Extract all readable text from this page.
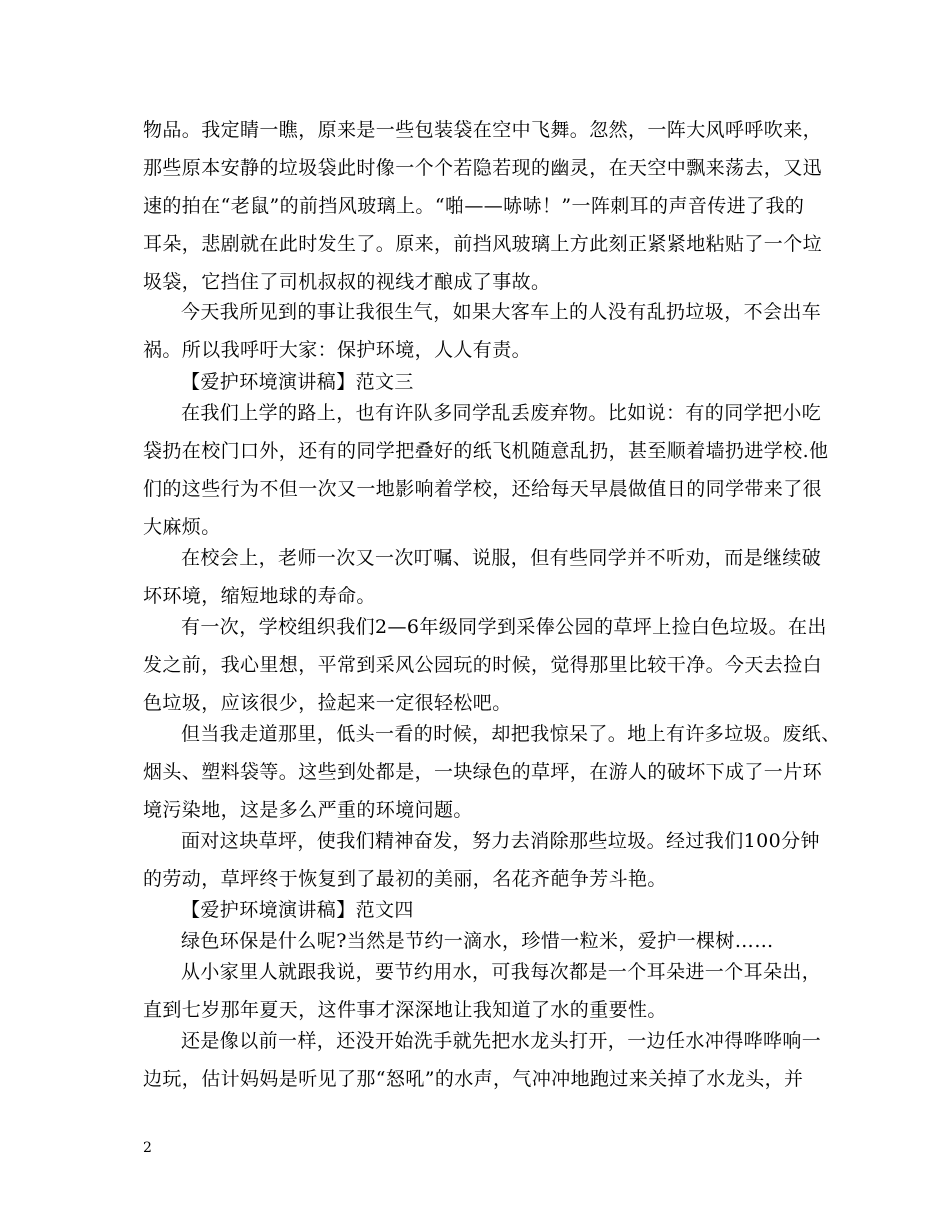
物品。我定睛一瞧，原来是一些包装袋在空中飞舞。忽然，一阵大风呼呼吹来，
那些原本安静的垃圾袋此时像一个个若隐若现的幽灵，在天空中飘来荡去，又迅
速的拍在“老鼠”的前挡风玻璃上。“啪——哧哧！”一阵刺耳的声音传进了我的
耳朵，悲剧就在此时发生了。原来，前挡风玻璃上方此刻正紧紧地粘贴了一个垃
圾袋，它挡住了司机叔叔的视线才酿成了事故。
今天我所见到的事让我很生气，如果大客车上的人没有乱扔垃圾，不会出车
祸。所以我呼吁大家：保护环境，人人有责。
【爱护环境演讲稿】范文三
在我们上学的路上，也有许队多同学乱丢废弃物。比如说：有的同学把小吃
袋扔在校门口外，还有的同学把叠好的纸飞机随意乱扔，甚至顺着墙扔进学校.他
们的这些行为不但一次又一地影响着学校，还给每天早晨做值日的同学带来了很
大麻烦。
在校会上，老师一次又一次叮嘱、说服，但有些同学并不听劝，而是继续破
坏环境，缩短地球的寿命。
有一次，学校组织我们2—6年级同学到采俸公园的草坪上捡白色垃圾。在出
发之前，我心里想，平常到采风公园玩的时候，觉得那里比较干净。今天去捡白
色垃圾，应该很少，捡起来一定很轻松吧。
但当我走道那里，低头一看的时候，却把我惊呆了。地上有许多垃圾。废纸、
烟头、塑料袋等。这些到处都是，一块绿色的草坪，在游人的破坏下成了一片环
境污染地，这是多么严重的环境问题。
面对这块草坪，使我们精神奋发，努力去消除那些垃圾。经过我们100分钟
的劳动，草坪终于恢复到了最初的美丽，名花齐葩争芳斗艳。
【爱护环境演讲稿】范文四
绿色环保是什么呢?当然是节约一滴水，珍惜一粒米，爱护一棵树……
从小家里人就跟我说，要节约用水，可我每次都是一个耳朵进一个耳朵出，
直到七岁那年夏天，这件事才深深地让我知道了水的重要性。
还是像以前一样，还没开始洗手就先把水龙头打开，一边任水冲得哗哗响一
边玩，估计妈妈是听见了那“怒吼”的水声，气冲冲地跑过来关掉了水龙头，并
2
